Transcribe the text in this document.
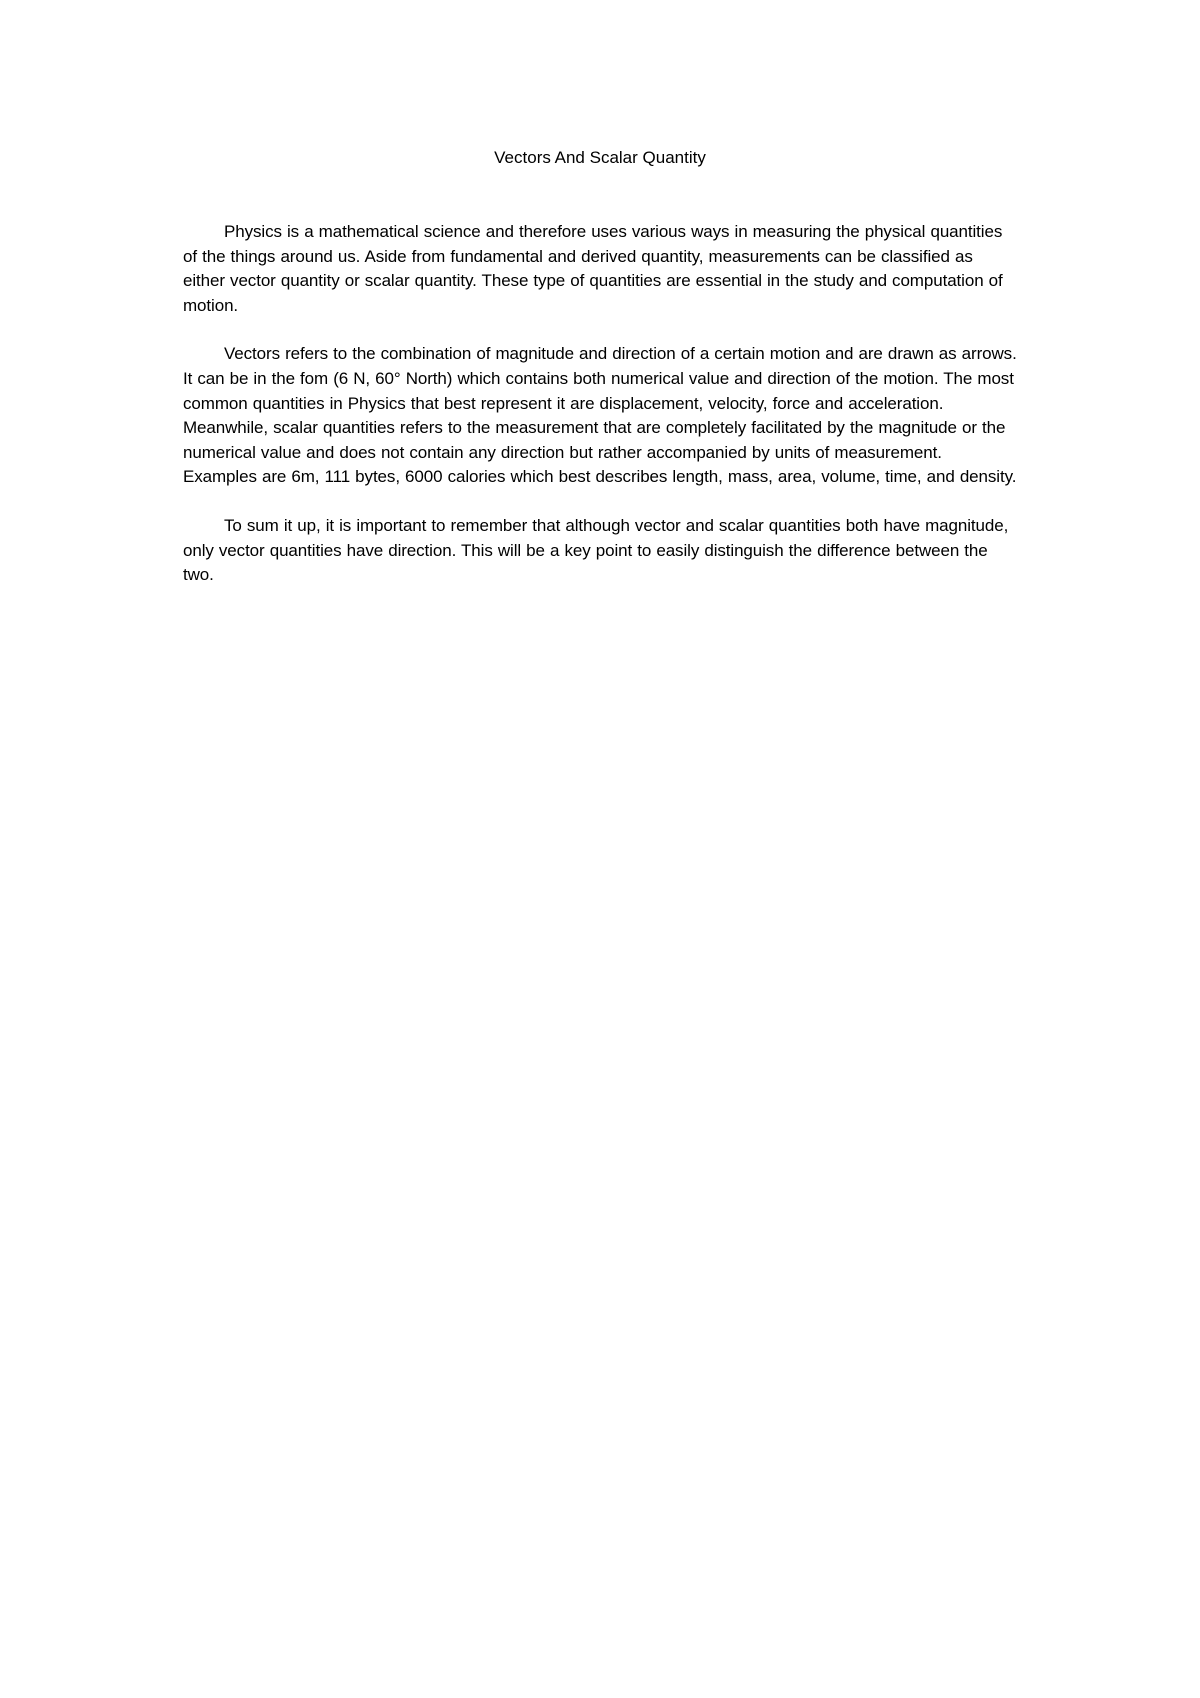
Vectors And Scalar Quantity

Physics is a mathematical science and therefore uses various ways in measuring the physical quantities of the things around us. Aside from fundamental and derived quantity, measurements can be classified as either vector quantity or scalar quantity. These type of quantities are essential in the study and computation of motion.

Vectors refers to the combination of magnitude and direction of a certain motion and are drawn as arrows. It can be in the fom (6 N, 60° North) which contains both numerical value and direction of the motion. The most common quantities in Physics that best represent it are displacement, velocity, force and acceleration. Meanwhile, scalar quantities refers to the measurement that are completely facilitated by the magnitude or the numerical value and does not contain any direction but rather accompanied by units of measurement. Examples are 6m, 111 bytes, 6000 calories which best describes length, mass, area, volume, time, and density.

To sum it up, it is important to remember that although vector and scalar quantities both have magnitude, only vector quantities have direction. This will be a key point to easily distinguish the difference between the two.
